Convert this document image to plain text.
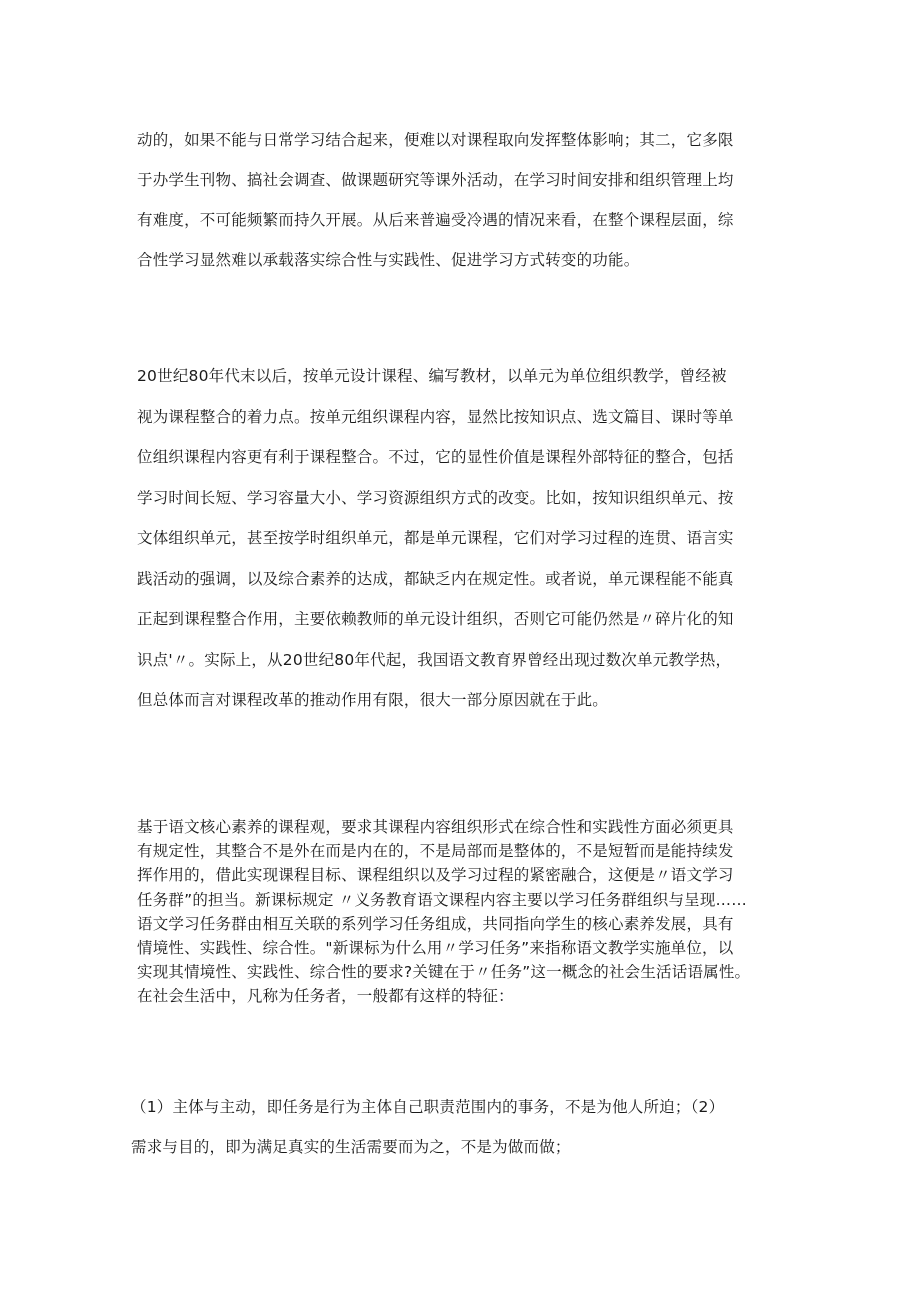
动的，如果不能与日常学习结合起来，便难以对课程取向发挥整体影响；其二，它多限
于办学生刊物、搞社会调查、做课题研究等课外活动，在学习时间安排和组织管理上均
有难度，不可能频繁而持久开展。从后来普遍受冷遇的情况来看，在整个课程层面，综
合性学习显然难以承载落实综合性与实践性、促进学习方式转变的功能。

20世纪80年代末以后，按单元设计课程、编写教材，以单元为单位组织教学，曾经被
视为课程整合的着力点。按单元组织课程内容，显然比按知识点、选文篇目、课时等单
位组织课程内容更有利于课程整合。不过，它的显性价值是课程外部特征的整合，包括
学习时间长短、学习容量大小、学习资源组织方式的改变。比如，按知识组织单元、按
文体组织单元，甚至按学时组织单元，都是单元课程，它们对学习过程的连贯、语言实
践活动的强调，以及综合素养的达成，都缺乏内在规定性。或者说，单元课程能不能真
正起到课程整合作用，主要依赖教师的单元设计组织，否则它可能仍然是〃碎片化的知
识点'〃。实际上，从20世纪80年代起，我国语文教育界曾经出现过数次单元教学热，
但总体而言对课程改革的推动作用有限，很大一部分原因就在于此。

基于语文核心素养的课程观，要求其课程内容组织形式在综合性和实践性方面必须更具
有规定性，其整合不是外在而是内在的，不是局部而是整体的，不是短暂而是能持续发
挥作用的，借此实现课程目标、课程组织以及学习过程的紧密融合，这便是〃语文学习
任务群”的担当。新课标规定 〃义务教育语文课程内容主要以学习任务群组织与呈现……
语文学习任务群由相互关联的系列学习任务组成，共同指向学生的核心素养发展，具有
情境性、实践性、综合性。"新课标为什么用〃学习任务”来指称语文教学实施单位，以
实现其情境性、实践性、综合性的要求?关键在于〃任务”这一概念的社会生活话语属性。
在社会生活中，凡称为任务者，一般都有这样的特征：

（1）主体与主动，即任务是行为主体自己职责范围内的事务，不是为他人所迫；（2）
需求与目的，即为满足真实的生活需要而为之，不是为做而做；
